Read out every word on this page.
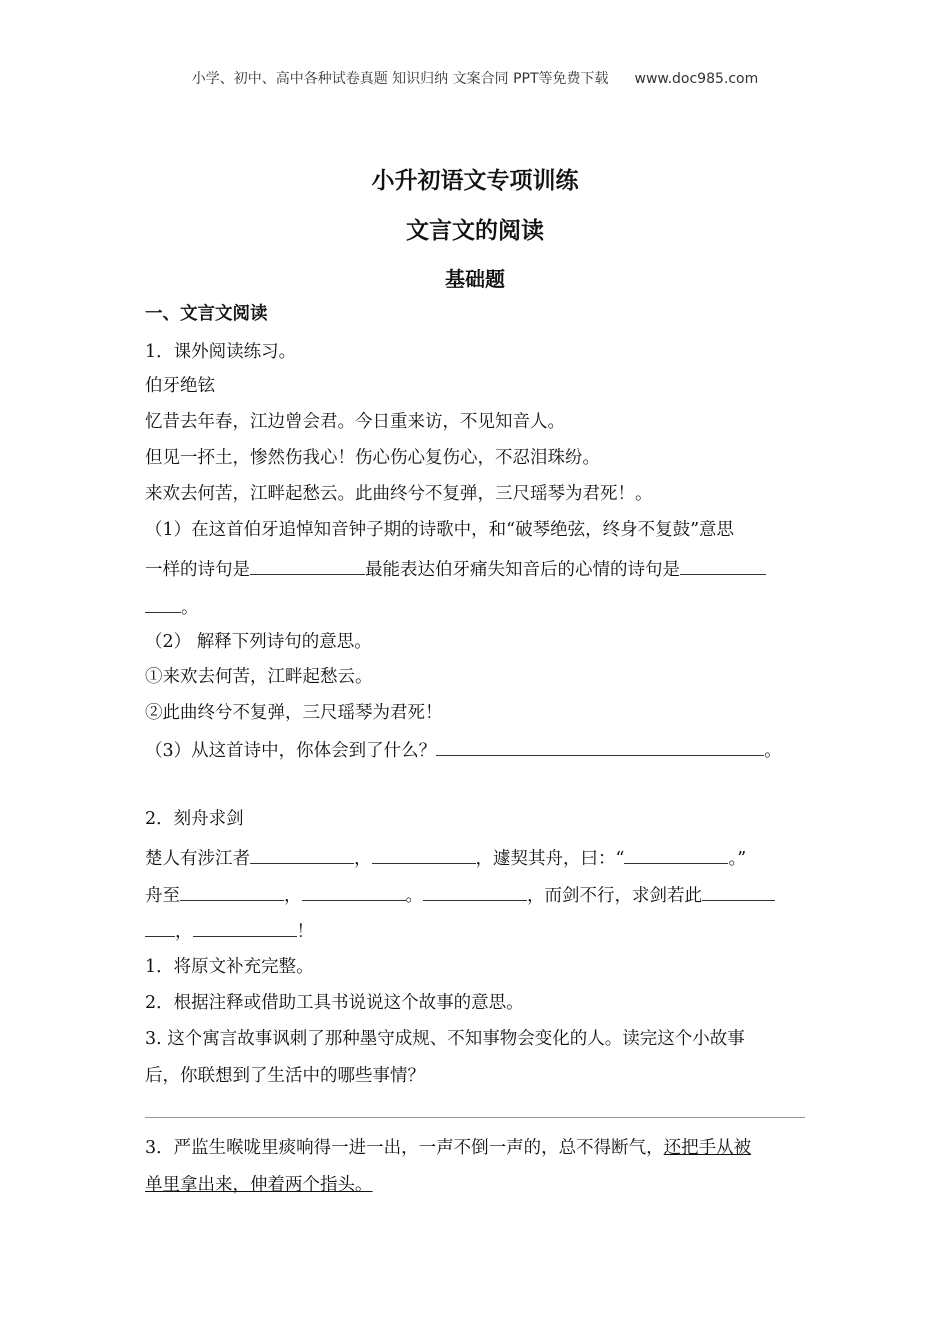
小学、初中、高中各种试卷真题 知识归纳 文案合同 PPT等免费下载 www.doc985.com
小升初语文专项训练
文言文的阅读
基础题
一、文言文阅读
1．课外阅读练习。
伯牙绝铉
忆昔去年春，江边曾会君。今日重来访，不见知音人。
但见一抔土，惨然伤我心！伤心伤心复伤心，不忍泪珠纷。
来欢去何苦，江畔起愁云。此曲终兮不复弹，三尺瑶琴为君死！。
（1）在这首伯牙追悼知音钟子期的诗歌中，和“破琴绝弦，终身不复鼓”意思
一样的诗句是	最能表达伯牙痛失知音后的心情的诗句是
。
（2） 解释下列诗句的意思。
①来欢去何苦，江畔起愁云。
②此曲终兮不复弹，三尺瑶琴为君死！
（3）从这首诗中，你体会到了什么？	。
2．刻舟求剑
楚人有涉江者	，	，遽契其舟，曰：“	。”
舟至	，	。	，而剑不行，求剑若此
，	！
1．将原文补充完整。
2．根据注释或借助工具书说说这个故事的意思。
3. 这个寓言故事讽刺了那种墨守成规、不知事物会变化的人。读完这个小故事
后，你联想到了生活中的哪些事情？
3．严监生喉咙里痰响得一进一出，一声不倒一声的，总不得断气，还把手从被
单里拿出来，伸着两个指头。
